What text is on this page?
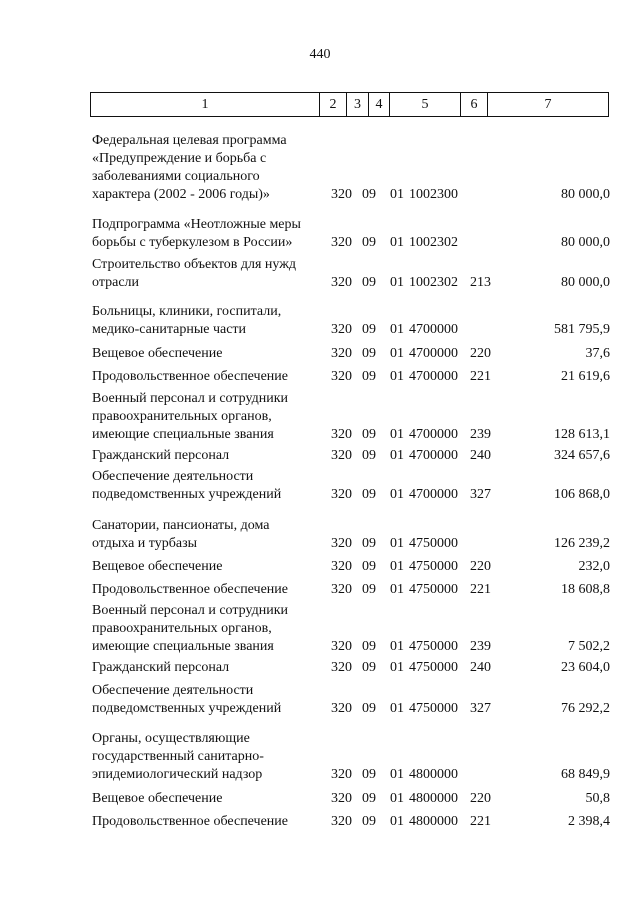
440
1	2	3	4	5	6	7
Федеральная целевая программа
«Предупреждение и борьба с
заболеваниями социального
характера (2002 - 2006 годы)»	320 09 01 1002300	80 000,0
Подпрограмма «Неотложные меры
борьбы с туберкулезом в России»	320 09 01 1002302	80 000,0
Строительство объектов для нужд
отрасли	320 09 01 1002302 213	80 000,0
Больницы, клиники, госпитали,
медико-санитарные части	320 09 01 4700000	581 795,9
Вещевое обеспечение	320 09 01 4700000 220	37,6
Продовольственное обеспечение	320 09 01 4700000 221	21 619,6
Военный персонал и сотрудники
правоохранительных органов,
имеющие специальные звания	320 09 01 4700000 239	128 613,1
Гражданский персонал	320 09 01 4700000 240	324 657,6
Обеспечение деятельности
подведомственных учреждений	320 09 01 4700000 327	106 868,0
Санатории, пансионаты, дома
отдыха и турбазы	320 09 01 4750000	126 239,2
Вещевое обеспечение	320 09 01 4750000 220	232,0
Продовольственное обеспечение	320 09 01 4750000 221	18 608,8
Военный персонал и сотрудники
правоохранительных органов,
имеющие специальные звания	320 09 01 4750000 239	7 502,2
Гражданский персонал	320 09 01 4750000 240	23 604,0
Обеспечение деятельности
подведомственных учреждений	320 09 01 4750000 327	76 292,2
Органы, осуществляющие
государственный санитарно-
эпидемиологический надзор	320 09 01 4800000	68 849,9
Вещевое обеспечение	320 09 01 4800000 220	50,8
Продовольственное обеспечение	320 09 01 4800000 221	2 398,4
